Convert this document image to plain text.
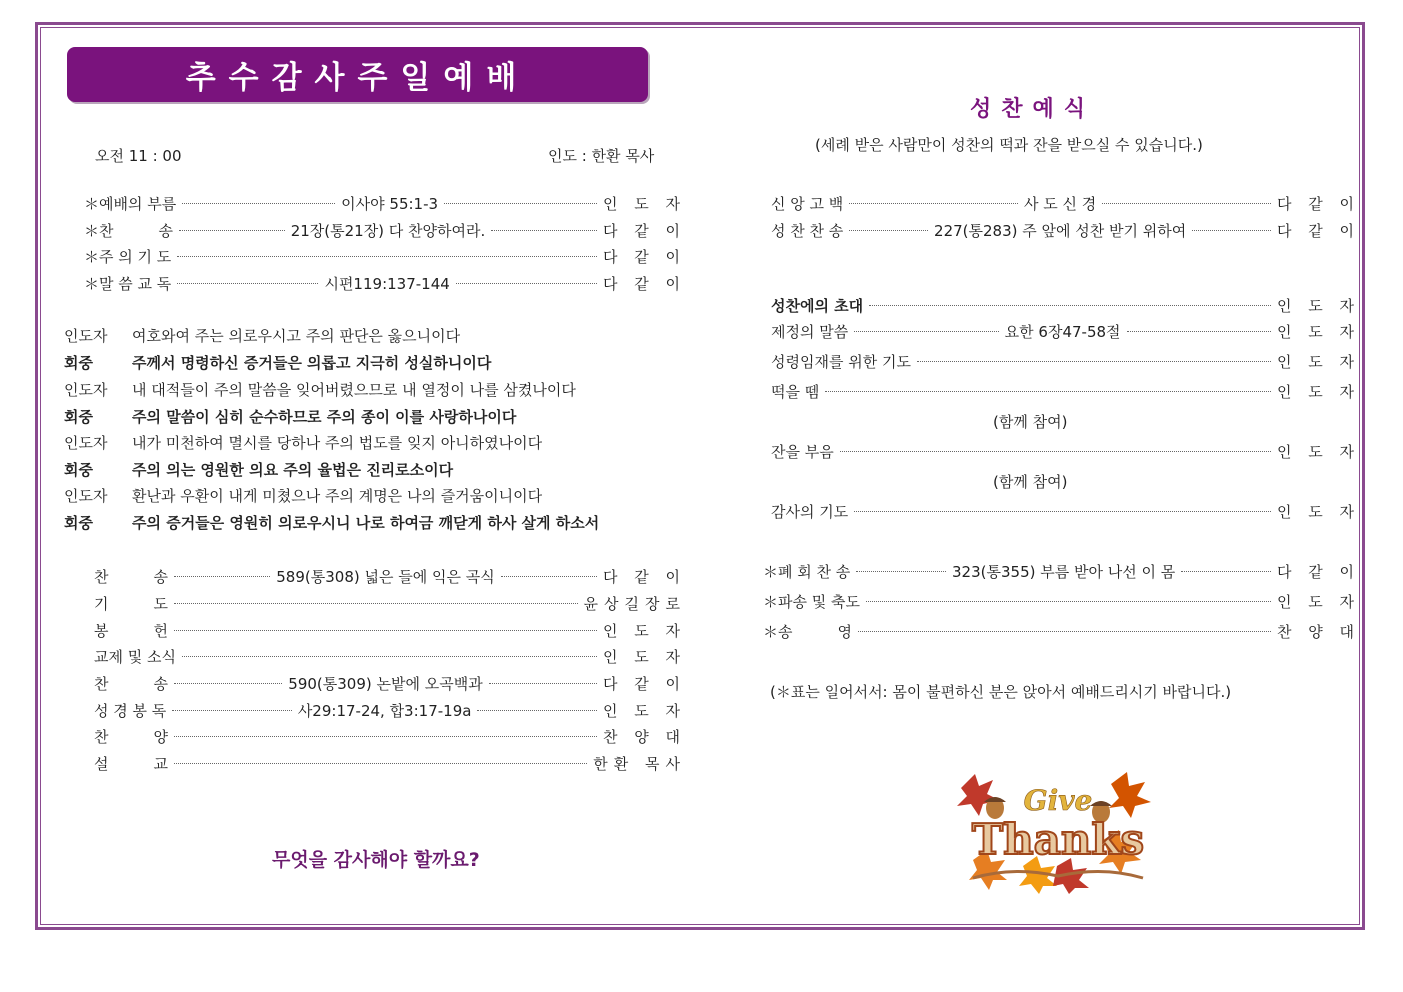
추수감사주일예배
오전 11 : 00	인도 : 한환 목사
＊예배의 부름	이사야 55:1-3	인 도 자
＊찬　　　송	21장(통21장) 다 찬양하여라.	다 같 이
＊주 의 기 도	다 같 이
＊말 씀 교 독	시편119:137-144	다 같 이
인도자 여호와여 주는 의로우시고 주의 판단은 옳으니이다
회중	주께서 명령하신 증거들은 의롭고 지극히 성실하니이다
인도자 내 대적들이 주의 말씀을 잊어버렸으므로 내 열정이 나를 삼켰나이다
회중	주의 말씀이 심히 순수하므로 주의 종이 이를 사랑하나이다
인도자 내가 미천하여 멸시를 당하나 주의 법도를 잊지 아니하였나이다
회중	주의 의는 영원한 의요 주의 율법은 진리로소이다
인도자 환난과 우환이 내게 미쳤으나 주의 계명은 나의 즐거움이니이다
회중	주의 증거들은 영원히 의로우시니 나로 하여금 깨닫게 하사 살게 하소서
찬　　　송	589(통308) 넓은 들에 익은 곡식	다 같 이
기　　　도	윤상길장로
봉　　　헌	인 도 자
교제 및 소식	인 도 자
찬　　　송	590(통309) 논밭에 오곡백과	다 같 이
성 경 봉 독	사29:17-24, 합3:17-19a	인 도 자
찬　　　양	찬 양 대
설　　　교	한환 목사
무엇을 감사해야 할까요?
성찬예식
(세례 받은 사람만이 성찬의 떡과 잔을 받으실 수 있습니다.)
신 앙 고 백	사 도 신 경	다 같 이
성 찬 찬 송	227(통283) 주 앞에 성찬 받기 위하여	다 같 이
성찬에의 초대	인 도 자
제정의 말씀	요한 6장47-58절	인 도 자
성령임재를 위한 기도	인 도 자
떡을 뗌	인 도 자
(함께 참여)
잔을 부음	인 도 자
(함께 참여)
감사의 기도	인 도 자
＊폐 회 찬 송	323(통355) 부름 받아 나선 이 몸	다 같 이
＊파송 및 축도	인 도 자
＊송　　　영	찬 양 대
(＊표는 일어서서: 몸이 불편하신 분은 앉아서 예배드리시기 바랍니다.)
Give
Thanks
